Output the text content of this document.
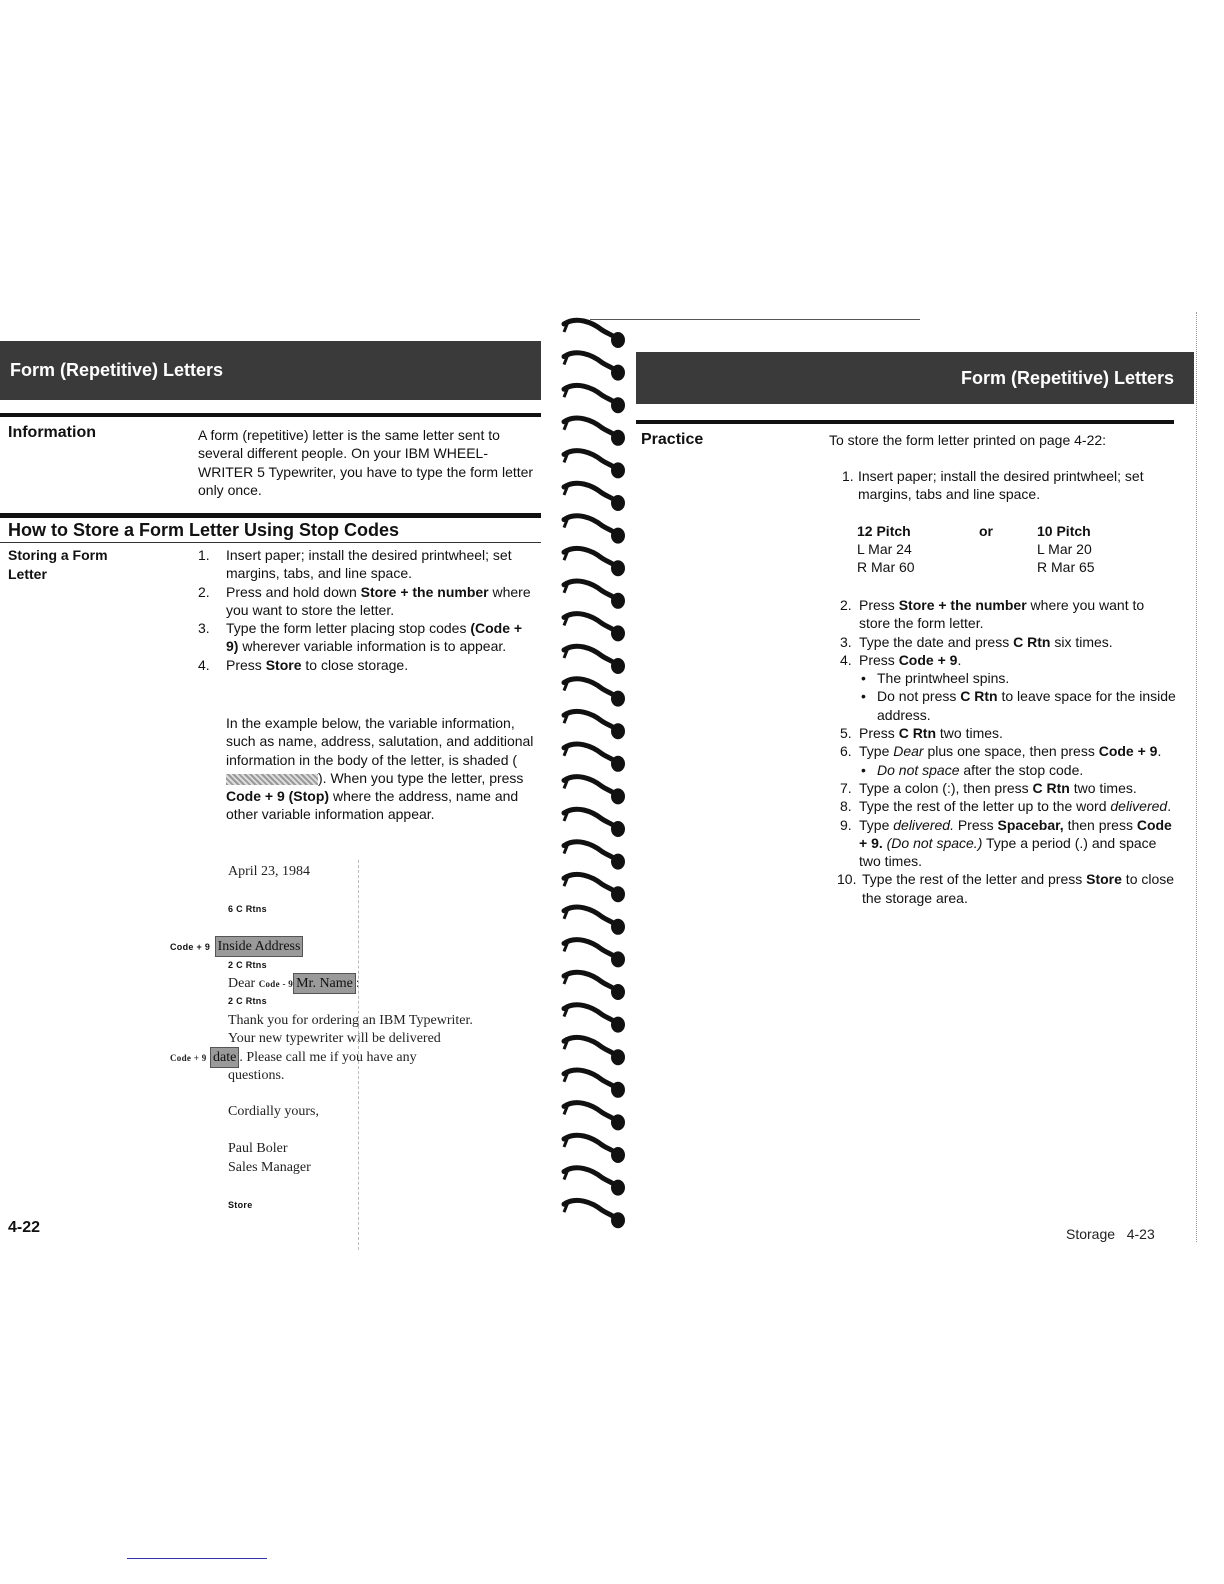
Form (Repetitive) Letters
Information	A form (repetitive) letter is the same letter sent to several different people. On your IBM WHEEL-WRITER 5 Typewriter, you have to type the form letter only once.
How to Store a Form Letter Using Stop Codes
Storing a Form Letter
1.	Insert paper; install the desired printwheel; set margins, tabs, and line space.
2.	Press and hold down Store + the number where you want to store the letter.
3.	Type the form letter placing stop codes (Code + 9) wherever variable information is to appear.
4.	Press Store to close storage.
In the example below, the variable information, such as name, address, salutation, and additional information in the body of the letter, is shaded (). When you type the letter, press Code + 9 (Stop) where the address, name and other variable information appear.
April 23, 1984
6 C Rtns
Code + 9 Inside Address
2 C Rtns
Dear Code - 9 Mr. Name :
2 C Rtns
Thank you for ordering an IBM Typewriter.
Your new typewriter will be delivered
Code + 9 date . Please call me if you have any
questions.
Cordially yours,
Paul Boler
Sales Manager
Store
4-22
Form (Repetitive) Letters
Practice	To store the form letter printed on page 4-22:
1. Insert paper; install the desired printwheel; set margins, tabs and line space.
12 Pitch	or	10 Pitch
L Mar 24		L Mar 20
R Mar 60		R Mar 65
2. Press Store + the number where you want to store the form letter.
3. Type the date and press C Rtn six times.
4. Press Code + 9.
• The printwheel spins.
• Do not press C Rtn to leave space for the inside address.
5. Press C Rtn two times.
6. Type Dear plus one space, then press Code + 9.
• Do not space after the stop code.
7. Type a colon (:), then press C Rtn two times.
8. Type the rest of the letter up to the word delivered.
9. Type delivered. Press Spacebar, then press Code + 9. (Do not space.) Type a period (.) and space two times.
10. Type the rest of the letter and press Store to close the storage area.
Storage   4-23
